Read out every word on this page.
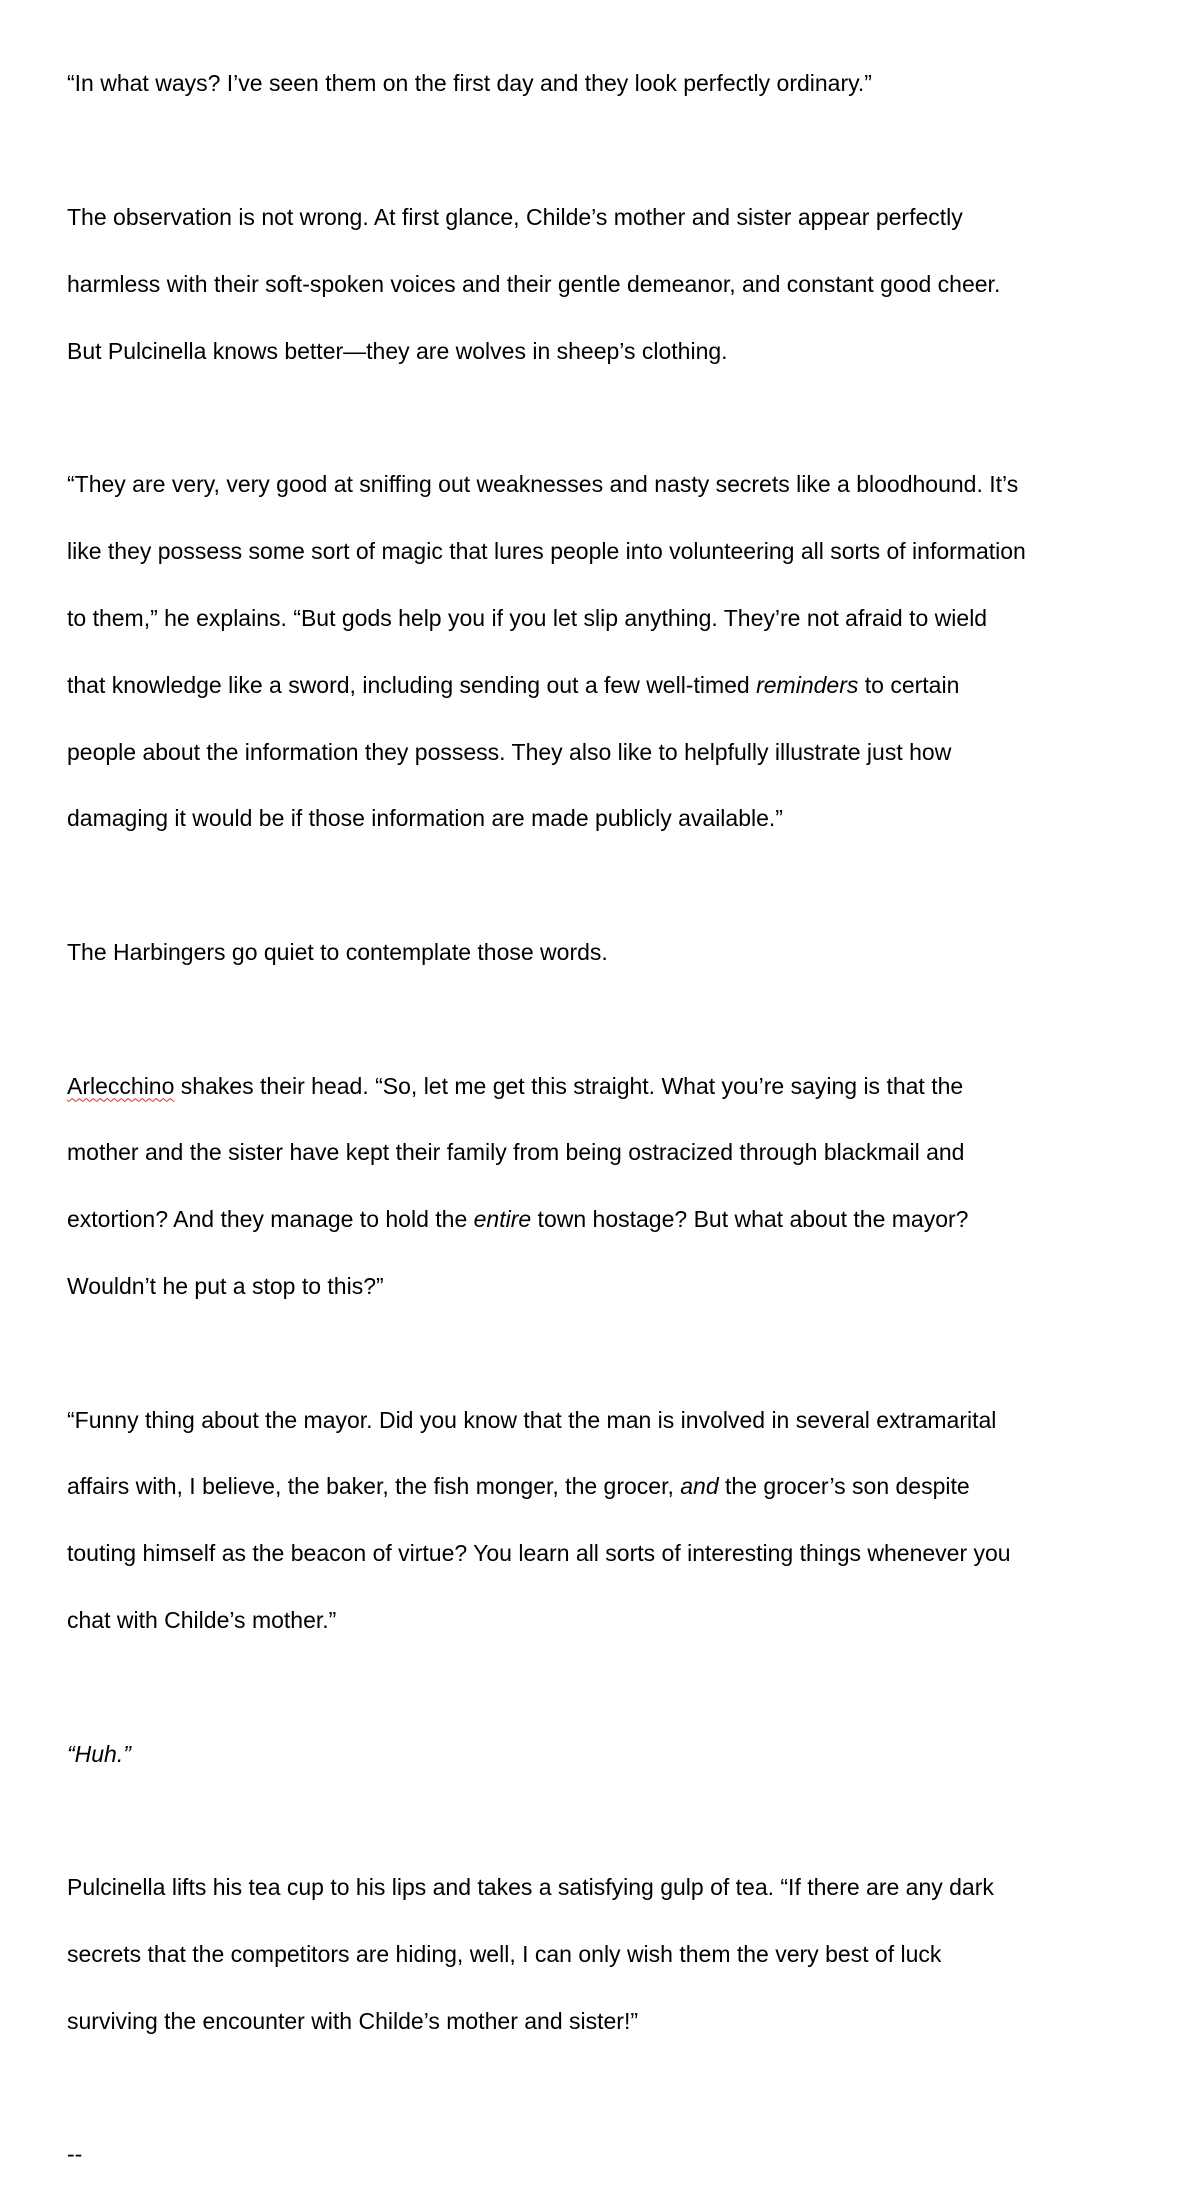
“In what ways? I’ve seen them on the first day and they look perfectly ordinary.”

The observation is not wrong. At first glance, Childe’s mother and sister appear perfectly

harmless with their soft-spoken voices and their gentle demeanor, and constant good cheer.

But Pulcinella knows better—they are wolves in sheep’s clothing.

“They are very, very good at sniffing out weaknesses and nasty secrets like a bloodhound. It’s

like they possess some sort of magic that lures people into volunteering all sorts of information

to them,” he explains. “But gods help you if you let slip anything. They’re not afraid to wield

that knowledge like a sword, including sending out a few well-timed reminders to certain

people about the information they possess. They also like to helpfully illustrate just how

damaging it would be if those information are made publicly available.”

The Harbingers go quiet to contemplate those words.

Arlecchino shakes their head. “So, let me get this straight. What you’re saying is that the

mother and the sister have kept their family from being ostracized through blackmail and

extortion? And they manage to hold the entire town hostage? But what about the mayor?

Wouldn’t he put a stop to this?”

“Funny thing about the mayor. Did you know that the man is involved in several extramarital

affairs with, I believe, the baker, the fish monger, the grocer, and the grocer’s son despite

touting himself as the beacon of virtue? You learn all sorts of interesting things whenever you

chat with Childe’s mother.”

“Huh.”

Pulcinella lifts his tea cup to his lips and takes a satisfying gulp of tea. “If there are any dark

secrets that the competitors are hiding, well, I can only wish them the very best of luck

surviving the encounter with Childe’s mother and sister!”

--
